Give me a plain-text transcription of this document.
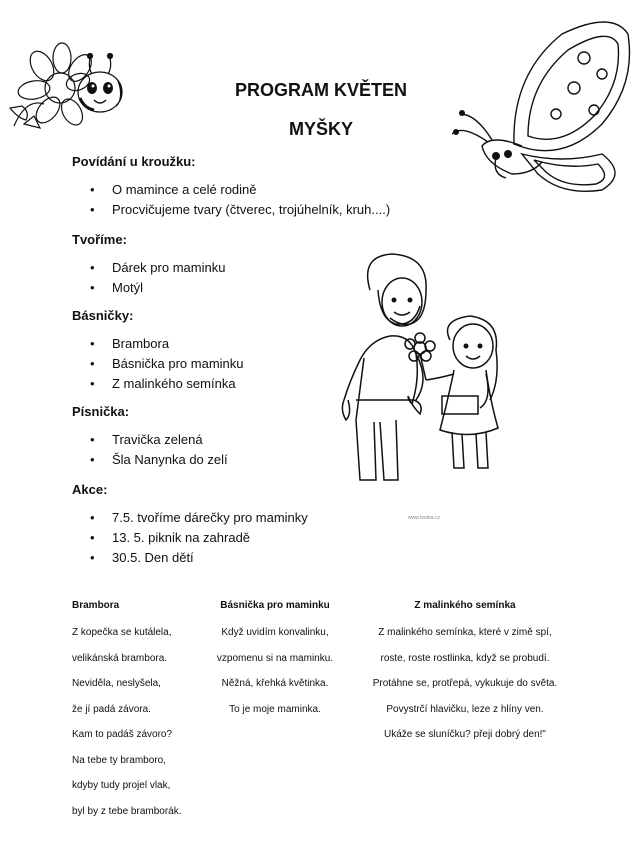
PROGRAM KVĚTEN
MYŠKY
www.tvorka.cz
Povídání u kroužku:
• O mamince a celé rodině
• Procvičujeme tvary (čtverec, trojúhelník, kruh....)
Tvoříme:
• Dárek pro maminku
• Motýl
Básničky:
• Brambora
• Básnička pro maminku
• Z malinkého semínka
Písnička:
• Travička zelená
• Šla Nanynka do zelí
Akce:
• 7.5. tvoříme dárečky pro maminky
• 13. 5. piknik na zahradě
• 30.5. Den dětí
Brambora
Z kopečka se kutálela,
velikánská brambora.
Neviděla, neslyšela,
že jí padá závora.
Kam to padáš závoro?
Na tebe ty bramboro,
kdyby tudy projel vlak,
byl by z tebe bramborák.
Básnička pro maminku
Když uvidím konvalinku,
vzpomenu si na maminku.
Něžná, křehká květinka.
To je moje maminka.
Z malinkého semínka
Z malinkého semínka, které v zimě spí,
roste, roste rostlinka, když se probudí.
Protáhne se, protřepá, vykukuje do světa.
Povystrčí hlavičku, leze z hlíny ven.
Ukáže se sluníčku? přeji dobrý den!"
